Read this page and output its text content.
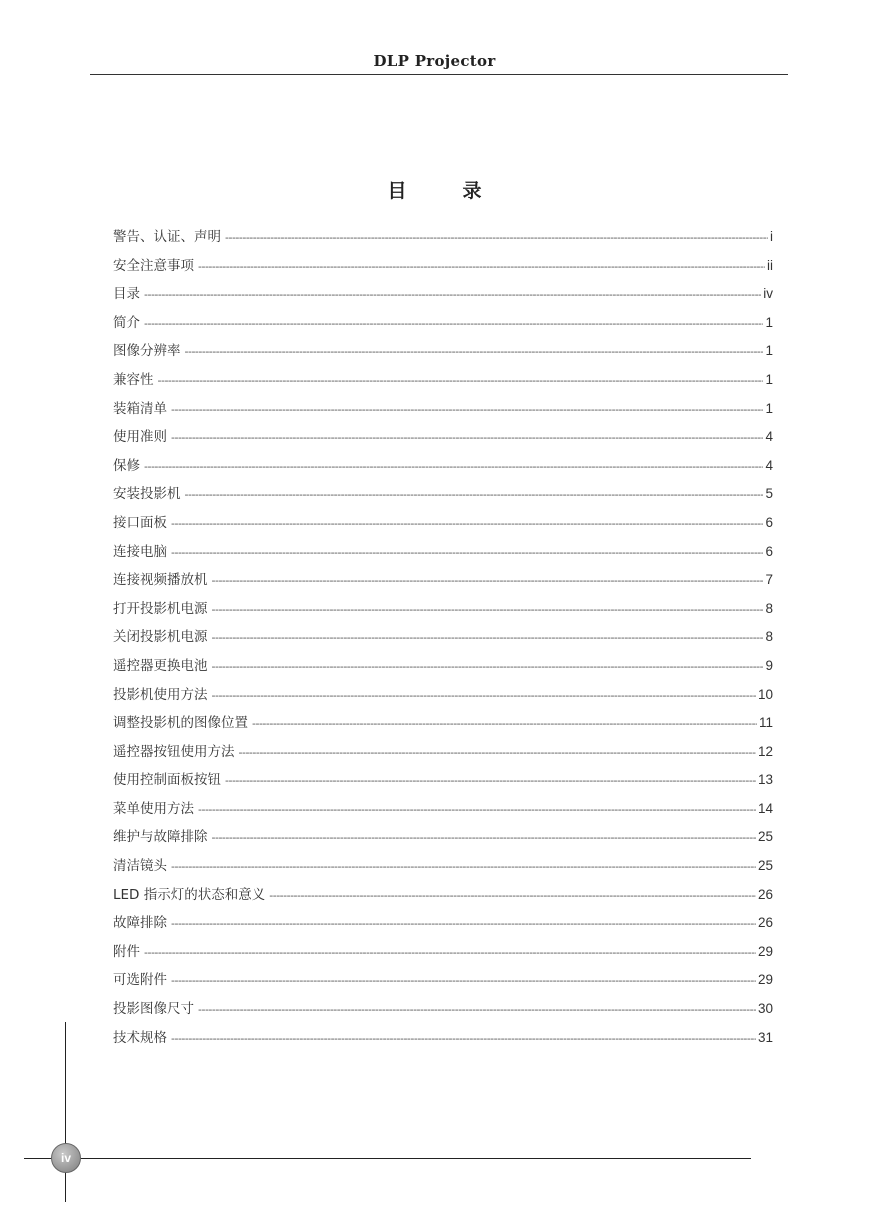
DLP Projector
目录
警告、认证、声明 -----	i
安全注意事项 -----	ii
目录 -----	iv
简介 -----	1
图像分辨率 -----	1
兼容性 -----	1
装箱清单 -----	1
使用准则 -----	4
保修 -----	4
安装投影机 -----	5
接口面板 -----	6
连接电脑 -----	6
连接视频播放机 -----	7
打开投影机电源 -----	8
关闭投影机电源 -----	8
遥控器更换电池 -----	9
投影机使用方法 -----	10
调整投影机的图像位置 -----	11
遥控器按钮使用方法 -----	12
使用控制面板按钮 -----	13
菜单使用方法 -----	14
维护与故障排除 -----	25
清洁镜头 -----	25
LED 指示灯的状态和意义 -----	26
故障排除 -----	26
附件 -----	29
可选附件 -----	29
投影图像尺寸 -----	30
技术规格 -----	31
iv
